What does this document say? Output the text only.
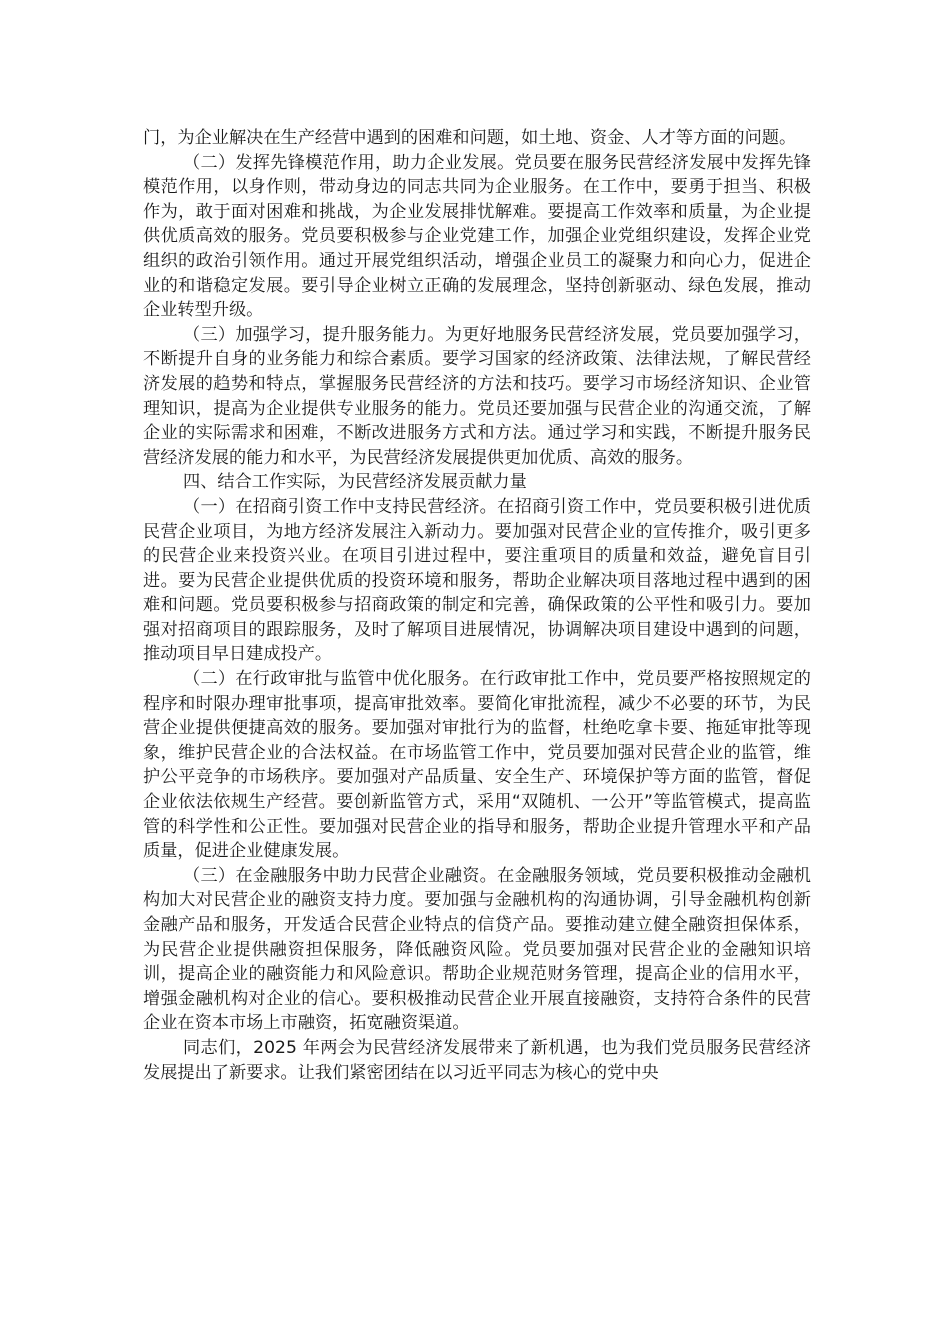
门，为企业解决在生产经营中遇到的困难和问题，如土地、资金、人才等方面的问题。

（二）发挥先锋模范作用，助力企业发展。党员要在服务民营经济发展中发挥先锋模范作用，以身作则，带动身边的同志共同为企业服务。在工作中，要勇于担当、积极作为，敢于面对困难和挑战，为企业发展排忧解难。要提高工作效率和质量，为企业提供优质高效的服务。党员要积极参与企业党建工作，加强企业党组织建设，发挥企业党组织的政治引领作用。通过开展党组织活动，增强企业员工的凝聚力和向心力，促进企业的和谐稳定发展。要引导企业树立正确的发展理念，坚持创新驱动、绿色发展，推动企业转型升级。

（三）加强学习，提升服务能力。为更好地服务民营经济发展，党员要加强学习，不断提升自身的业务能力和综合素质。要学习国家的经济政策、法律法规，了解民营经济发展的趋势和特点，掌握服务民营经济的方法和技巧。要学习市场经济知识、企业管理知识，提高为企业提供专业服务的能力。党员还要加强与民营企业的沟通交流，了解企业的实际需求和困难，不断改进服务方式和方法。通过学习和实践，不断提升服务民营经济发展的能力和水平，为民营经济发展提供更加优质、高效的服务。

四、结合工作实际，为民营经济发展贡献力量

（一）在招商引资工作中支持民营经济。在招商引资工作中，党员要积极引进优质民营企业项目，为地方经济发展注入新动力。要加强对民营企业的宣传推介，吸引更多的民营企业来投资兴业。在项目引进过程中，要注重项目的质量和效益，避免盲目引进。要为民营企业提供优质的投资环境和服务，帮助企业解决项目落地过程中遇到的困难和问题。党员要积极参与招商政策的制定和完善，确保政策的公平性和吸引力。要加强对招商项目的跟踪服务，及时了解项目进展情况，协调解决项目建设中遇到的问题，推动项目早日建成投产。

（二）在行政审批与监管中优化服务。在行政审批工作中，党员要严格按照规定的程序和时限办理审批事项，提高审批效率。要简化审批流程，减少不必要的环节，为民营企业提供便捷高效的服务。要加强对审批行为的监督，杜绝吃拿卡要、拖延审批等现象，维护民营企业的合法权益。在市场监管工作中，党员要加强对民营企业的监管，维护公平竞争的市场秩序。要加强对产品质量、安全生产、环境保护等方面的监管，督促企业依法依规生产经营。要创新监管方式，采用“双随机、一公开”等监管模式，提高监管的科学性和公正性。要加强对民营企业的指导和服务，帮助企业提升管理水平和产品质量，促进企业健康发展。

（三）在金融服务中助力民营企业融资。在金融服务领域，党员要积极推动金融机构加大对民营企业的融资支持力度。要加强与金融机构的沟通协调，引导金融机构创新金融产品和服务，开发适合民营企业特点的信贷产品。要推动建立健全融资担保体系，为民营企业提供融资担保服务，降低融资风险。党员要加强对民营企业的金融知识培训，提高企业的融资能力和风险意识。帮助企业规范财务管理，提高企业的信用水平，增强金融机构对企业的信心。要积极推动民营企业开展直接融资，支持符合条件的民营企业在资本市场上市融资，拓宽融资渠道。

同志们，2025 年两会为民营经济发展带来了新机遇，也为我们党员服务民营经济发展提出了新要求。让我们紧密团结在以习近平同志为核心的党中央
